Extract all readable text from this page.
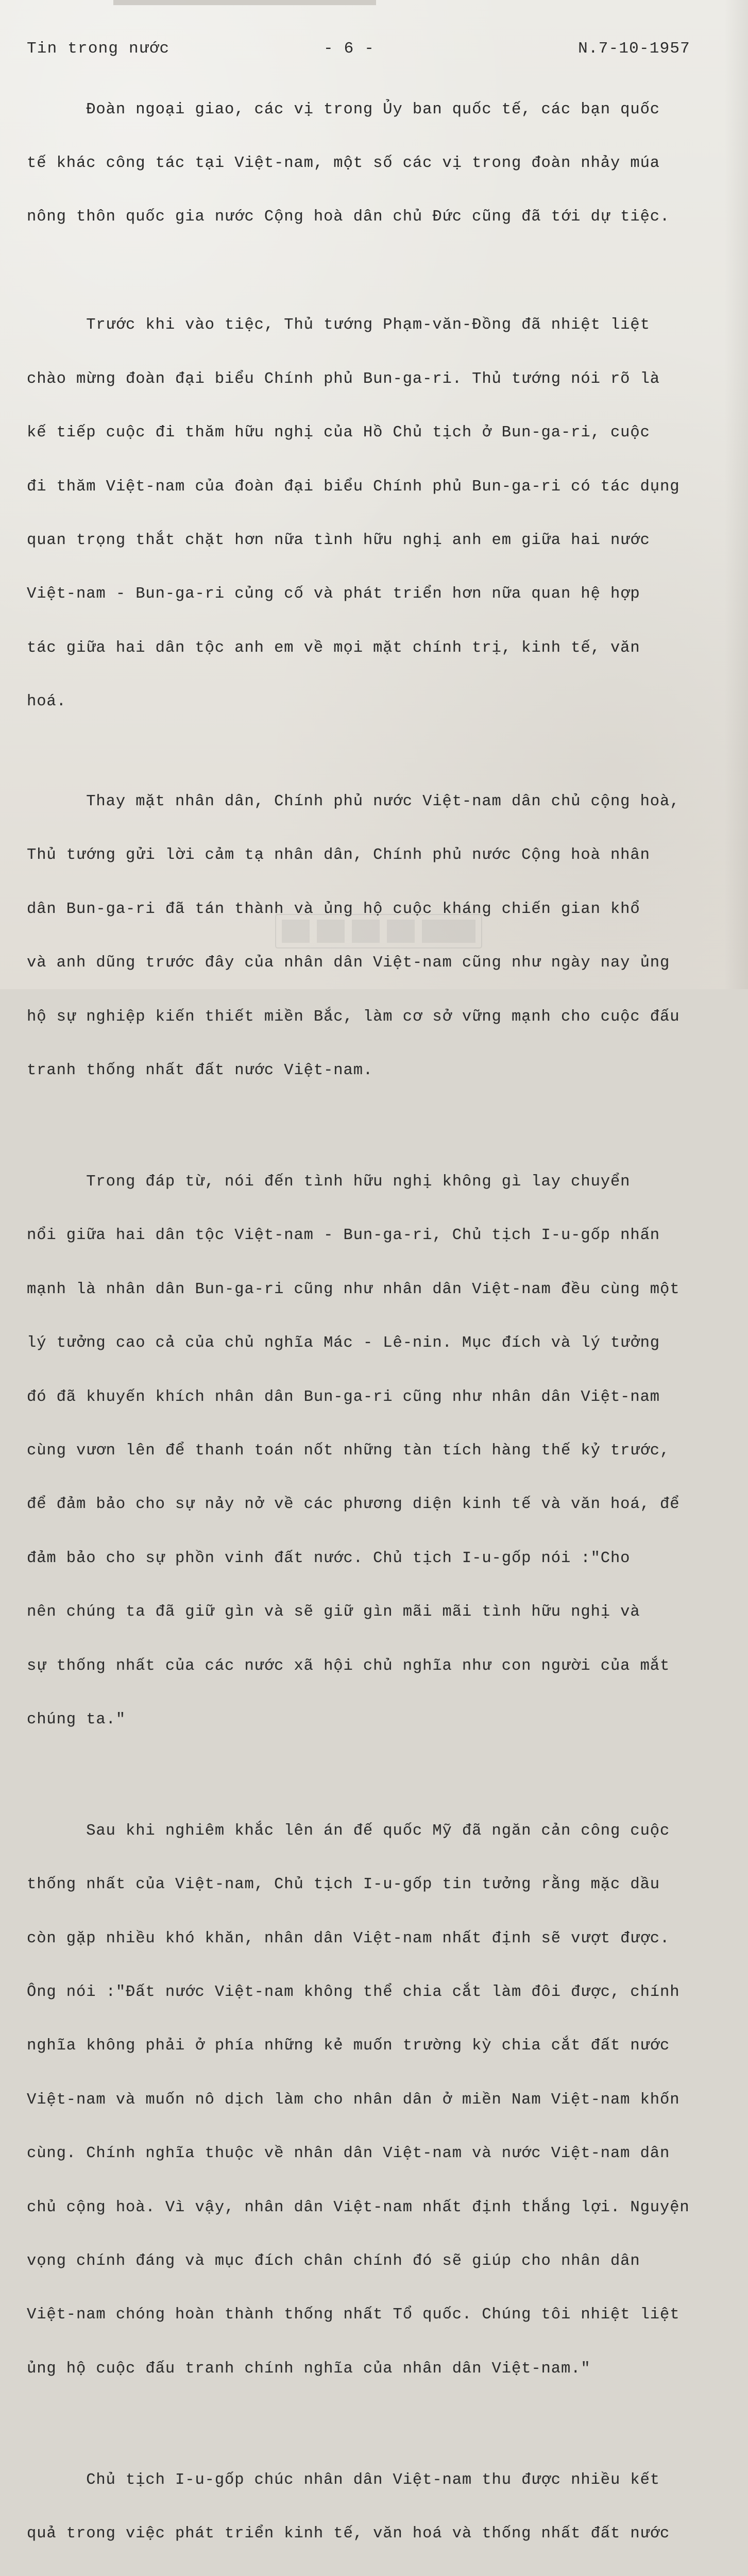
Tin trong nước	- 6 -	N.7-10-1957

Đoàn ngoại giao, các vị trong Ủy ban quốc tế, các bạn quốc

tế khác công tác tại Việt-nam, một số các vị trong đoàn nhảy múa

nông thôn quốc gia nước Cộng hoà dân chủ Đức cũng đã tới dự tiệc.

Trước khi vào tiệc, Thủ tướng Phạm-văn-Đồng đã nhiệt liệt

chào mừng đoàn đại biểu Chính phủ Bun-ga-ri. Thủ tướng nói rõ là

kế tiếp cuộc đi thăm hữu nghị của Hồ Chủ tịch ở Bun-ga-ri, cuộc

đi thăm Việt-nam của đoàn đại biểu Chính phủ Bun-ga-ri có tác dụng

quan trọng thắt chặt hơn nữa tình hữu nghị anh em giữa hai nước

Việt-nam - Bun-ga-ri củng cố và phát triển hơn nữa quan hệ hợp

tác giữa hai dân tộc anh em về mọi mặt chính trị, kinh tế, văn

hoá.

Thay mặt nhân dân, Chính phủ nước Việt-nam dân chủ cộng hoà,

Thủ tướng gửi lời cảm tạ nhân dân, Chính phủ nước Cộng hoà nhân

dân Bun-ga-ri đã tán thành và ủng hộ cuộc kháng chiến gian khổ

và anh dũng trước đây của nhân dân Việt-nam cũng như ngày nay ủng

hộ sự nghiệp kiến thiết miền Bắc, làm cơ sở vững mạnh cho cuộc đấu

tranh thống nhất đất nước Việt-nam.

Trong đáp từ, nói đến tình hữu nghị không gì lay chuyển

nổi giữa hai dân tộc Việt-nam - Bun-ga-ri, Chủ tịch I-u-gốp nhấn

mạnh là nhân dân Bun-ga-ri cũng như nhân dân Việt-nam đều cùng một

lý tưởng cao cả của chủ nghĩa Mác - Lê-nin. Mục đích và lý tưởng

đó đã khuyến khích nhân dân Bun-ga-ri cũng như nhân dân Việt-nam

cùng vươn lên để thanh toán nốt những tàn tích hàng thế kỷ trước,

để đảm bảo cho sự nảy nở về các phương diện kinh tế và văn hoá, để

đảm bảo cho sự phồn vinh đất nước. Chủ tịch I-u-gốp nói :"Cho

nên chúng ta đã giữ gìn và sẽ giữ gìn mãi mãi tình hữu nghị và

sự thống nhất của các nước xã hội chủ nghĩa như con người của mắt

chúng ta."

Sau khi nghiêm khắc lên án đế quốc Mỹ đã ngăn cản công cuộc

thống nhất của Việt-nam, Chủ tịch I-u-gốp tin tưởng rằng mặc dầu

còn gặp nhiều khó khăn, nhân dân Việt-nam nhất định sẽ vượt được.

Ông nói :"Đất nước Việt-nam không thể chia cắt làm đôi được, chính

nghĩa không phải ở phía những kẻ muốn trường kỳ chia cắt đất nước

Việt-nam và muốn nô dịch làm cho nhân dân ở miền Nam Việt-nam khốn

cùng. Chính nghĩa thuộc về nhân dân Việt-nam và nước Việt-nam dân

chủ cộng hoà. Vì vậy, nhân dân Việt-nam nhất định thắng lợi. Nguyện

vọng chính đáng và mục đích chân chính đó sẽ giúp cho nhân dân

Việt-nam chóng hoàn thành thống nhất Tổ quốc. Chúng tôi nhiệt liệt

ủng hộ cuộc đấu tranh chính nghĩa của nhân dân Việt-nam."

Chủ tịch I-u-gốp chúc nhân dân Việt-nam thu được nhiều kết

quả trong việc phát triển kinh tế, văn hoá và thống nhất đất nước
